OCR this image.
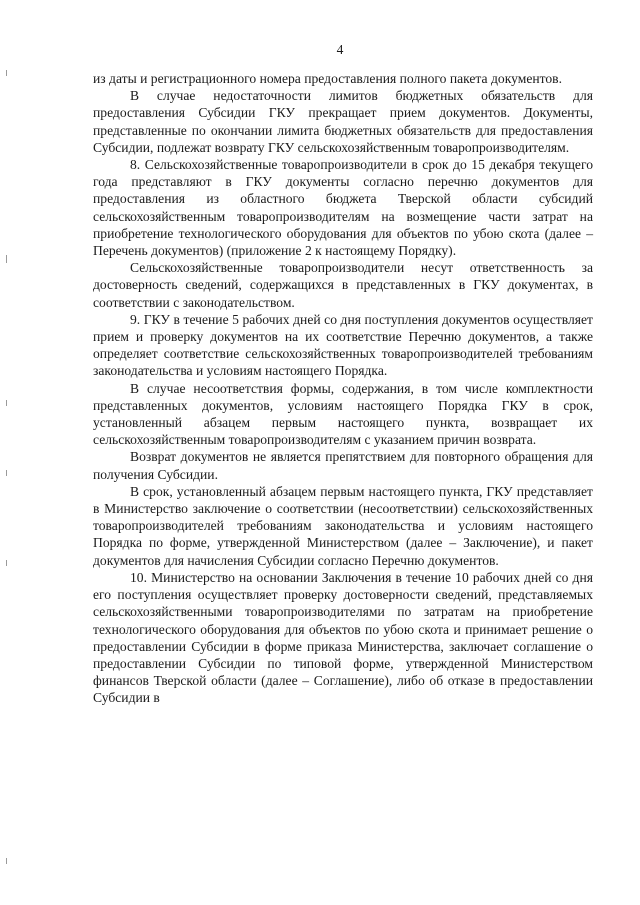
4

из даты и регистрационного номера предоставления полного пакета документов.

В случае недостаточности лимитов бюджетных обязательств для предоставления Субсидии ГКУ прекращает прием документов. Документы, представленные по окончании лимита бюджетных обязательств для предоставления Субсидии, подлежат возврату ГКУ сельскохозяйственным товаропроизводителям.

8. Сельскохозяйственные товаропроизводители в срок до 15 декабря текущего года представляют в ГКУ документы согласно перечню документов для предоставления из областного бюджета Тверской области субсидий сельскохозяйственным товаропроизводителям на возмещение части затрат на приобретение технологического оборудования для объектов по убою скота (далее – Перечень документов) (приложение 2 к настоящему Порядку).

Сельскохозяйственные товаропроизводители несут ответственность за достоверность сведений, содержащихся в представленных в ГКУ документах, в соответствии с законодательством.

9. ГКУ в течение 5 рабочих дней со дня поступления документов осуществляет прием и проверку документов на их соответствие Перечню документов, а также определяет соответствие сельскохозяйственных товаропроизводителей требованиям законодательства и условиям настоящего Порядка.

В случае несоответствия формы, содержания, в том числе комплектности представленных документов, условиям настоящего Порядка ГКУ в срок, установленный абзацем первым настоящего пункта, возвращает их сельскохозяйственным товаропроизводителям с указанием причин возврата.

Возврат документов не является препятствием для повторного обращения для получения Субсидии.

В срок, установленный абзацем первым настоящего пункта, ГКУ представляет в Министерство заключение о соответствии (несоответствии) сельскохозяйственных товаропроизводителей требованиям законодательства и условиям настоящего Порядка по форме, утвержденной Министерством (далее – Заключение), и пакет документов для начисления Субсидии согласно Перечню документов.

10. Министерство на основании Заключения в течение 10 рабочих дней со дня его поступления осуществляет проверку достоверности сведений, представляемых сельскохозяйственными товаропроизводителями по затратам на приобретение технологического оборудования для объектов по убою скота и принимает решение о предоставлении Субсидии в форме приказа Министерства, заключает соглашение о предоставлении Субсидии по типовой форме, утвержденной Министерством финансов Тверской области (далее – Соглашение), либо об отказе в предоставлении Субсидии в
